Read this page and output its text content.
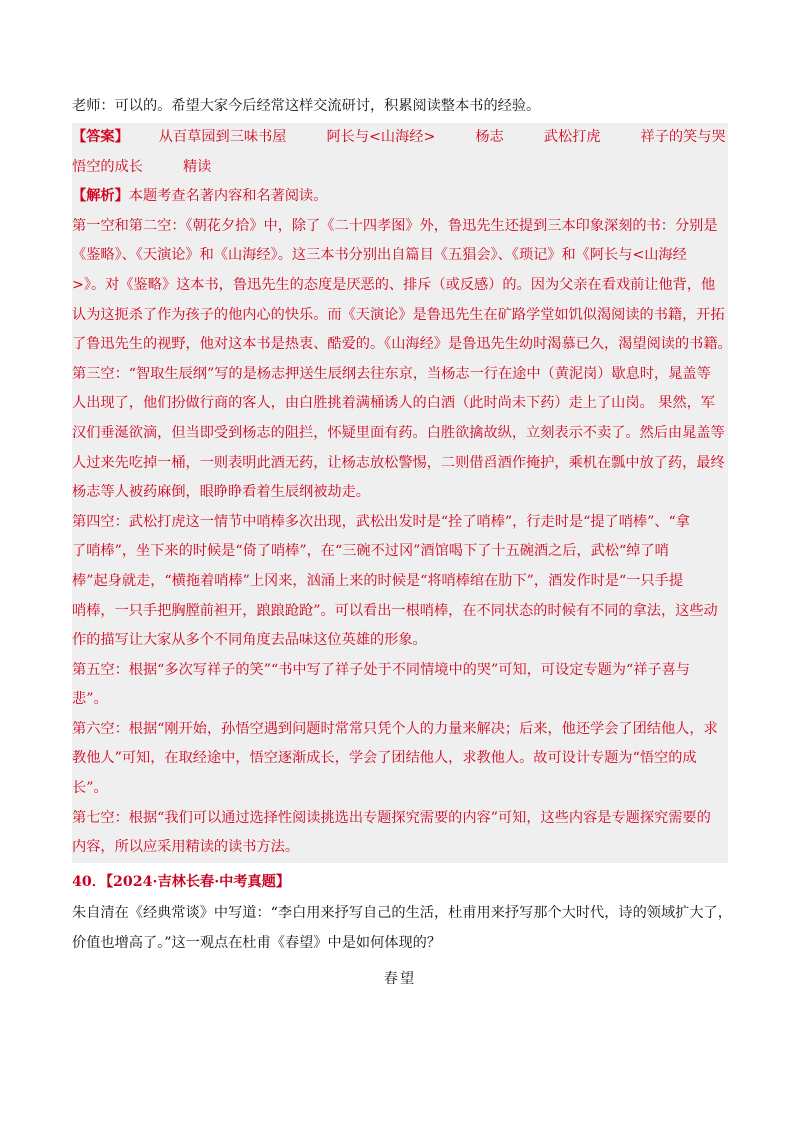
老师：可以的。希望大家今后经常这样交流研讨，积累阅读整本书的经验。
【答案】 从百草园到三味书屋	阿长与<山海经>	杨志	武松打虎	祥子的笑与哭
悟空的成长	精读
【解析】本题考查名著内容和名著阅读。
第一空和第二空：《朝花夕拾》中，除了《二十四孝图》外，鲁迅先生还提到三本印象深刻的书：分别是
《鉴略》、《天演论》和《山海经》。这三本书分别出自篇目《五猖会》、《琐记》和《阿长与<山海经
>》。对《鉴略》这本书，鲁迅先生的态度是厌恶的、排斥（或反感）的。因为父亲在看戏前让他背，他
认为这扼杀了作为孩子的他内心的快乐。而《天演论》是鲁迅先生在矿路学堂如饥似渴阅读的书籍，开拓
了鲁迅先生的视野，他对这本书是热衷、酷爱的。《山海经》是鲁迅先生幼时渴慕已久，渴望阅读的书籍。
第三空：“智取生辰纲”写的是杨志押送生辰纲去往东京，当杨志一行在途中（黄泥岗）歇息时，晁盖等
人出现了，他们扮做行商的客人，由白胜挑着满桶诱人的白酒（此时尚未下药）走上了山岗。 果然，军
汉们垂涎欲滴，但当即受到杨志的阻拦，怀疑里面有药。白胜欲擒故纵，立刻表示不卖了。然后由晁盖等
人过来先吃掉一桶，一则表明此酒无药，让杨志放松警惕，二则借舀酒作掩护，乘机在瓢中放了药，最终
杨志等人被药麻倒，眼睁睁看着生辰纲被劫走。
第四空：武松打虎这一情节中哨棒多次出现，武松出发时是“拴了哨棒”，行走时是“提了哨棒”、“拿
了哨棒”，坐下来的时候是“倚了哨棒”，在“三碗不过冈”酒馆喝下了十五碗酒之后，武松“绰了哨
棒”起身就走，“横拖着哨棒”上冈来，汹涌上来的时候是“将哨棒绾在肋下”，酒发作时是“一只手提
哨棒，一只手把胸膛前袒开，踉踉跄跄”。可以看出一根哨棒，在不同状态的时候有不同的拿法，这些动
作的描写让大家从多个不同角度去品味这位英雄的形象。
第五空：根据“多次写祥子的笑”“书中写了祥子处于不同情境中的哭”可知，可设定专题为“祥子喜与
悲”。
第六空：根据“刚开始，孙悟空遇到问题时常常只凭个人的力量来解决；后来，他还学会了团结他人，求
教他人”可知，在取经途中，悟空逐渐成长，学会了团结他人，求教他人。故可设计专题为“悟空的成
长”。
第七空：根据“我们可以通过选择性阅读挑选出专题探究需要的内容”可知，这些内容是专题探究需要的
内容，所以应采用精读的读书方法。
40．【2024·吉林长春·中考真题】
朱自清在《经典常谈》中写道：“李白用来抒写自己的生活，杜甫用来抒写那个大时代，诗的领域扩大了，
价值也增高了。”这一观点在杜甫《春望》中是如何体现的？
春望
